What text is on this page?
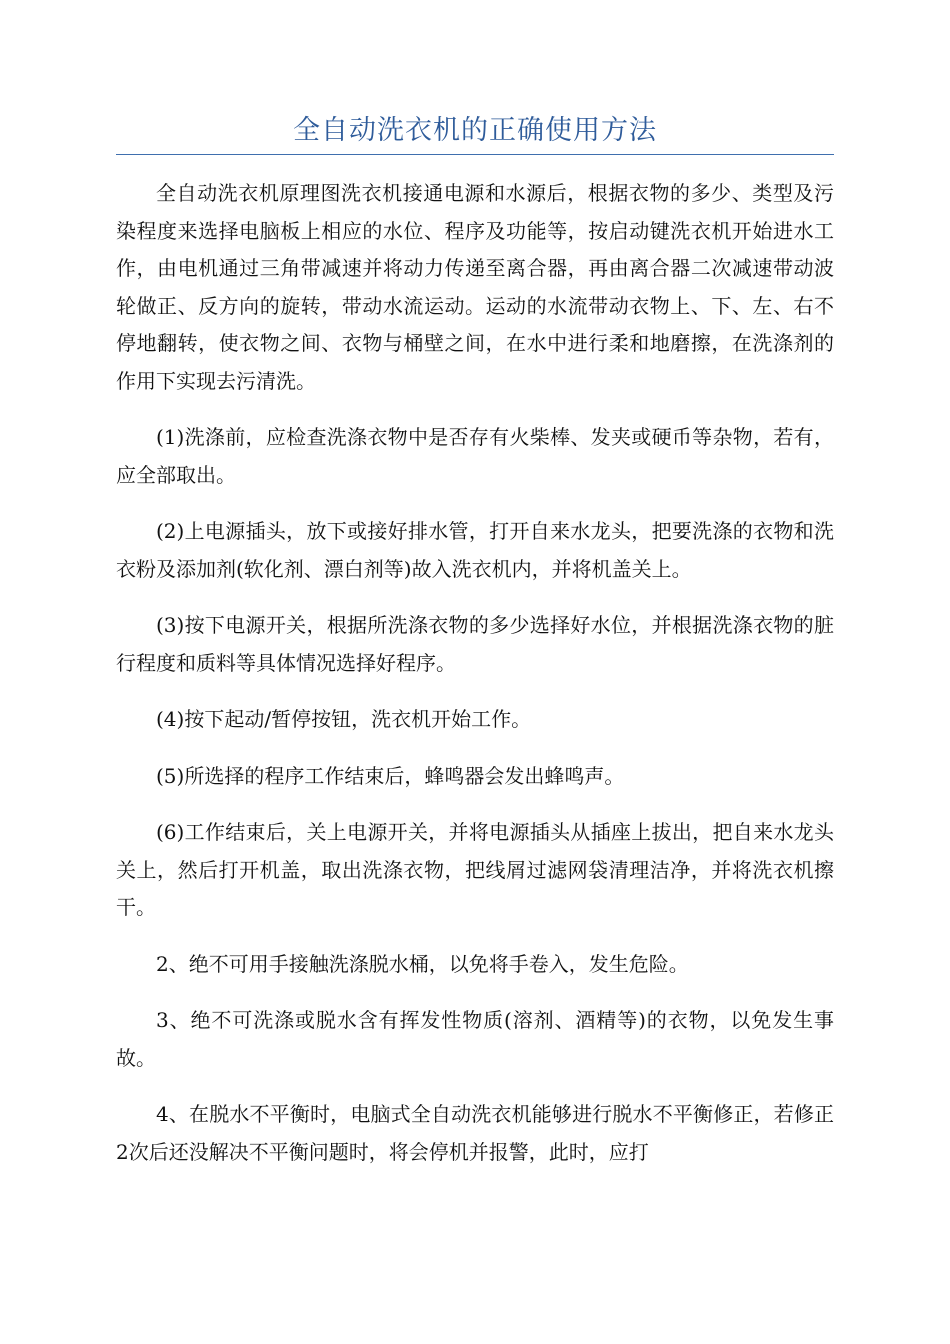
全自动洗衣机的正确使用方法

全自动洗衣机原理图洗衣机接通电源和水源后，根据衣物的多少、类型及污染程度来选择电脑板上相应的水位、程序及功能等，按启动键洗衣机开始进水工作，由电机通过三角带减速并将动力传递至离合器，再由离合器二次减速带动波轮做正、反方向的旋转，带动水流运动。运动的水流带动衣物上、下、左、右不停地翻转，使衣物之间、衣物与桶壁之间，在水中进行柔和地磨擦，在洗涤剂的作用下实现去污清洗。

(1)洗涤前，应检查洗涤衣物中是否存有火柴棒、发夹或硬币等杂物，若有，应全部取出。

(2)上电源插头，放下或接好排水管，打开自来水龙头，把要洗涤的衣物和洗衣粉及添加剂(软化剂、漂白剂等)故入洗衣机内，并将机盖关上。

(3)按下电源开关，根据所洗涤衣物的多少选择好水位，并根据洗涤衣物的脏行程度和质料等具体情况选择好程序。

(4)按下起动/暂停按钮，洗衣机开始工作。

(5)所选择的程序工作结束后，蜂鸣器会发出蜂鸣声。

(6)工作结束后，关上电源开关，并将电源插头从插座上拔出，把自来水龙头关上，然后打开机盖，取出洗涤衣物，把线屑过滤网袋清理洁净，并将洗衣机擦干。

2、绝不可用手接触洗涤脱水桶，以免将手卷入，发生危险。

3、绝不可洗涤或脱水含有挥发性物质(溶剂、酒精等)的衣物，以免发生事故。

4、在脱水不平衡时，电脑式全自动洗衣机能够进行脱水不平衡修正，若修正2次后还没解决不平衡问题时，将会停机并报警，此时，应打
